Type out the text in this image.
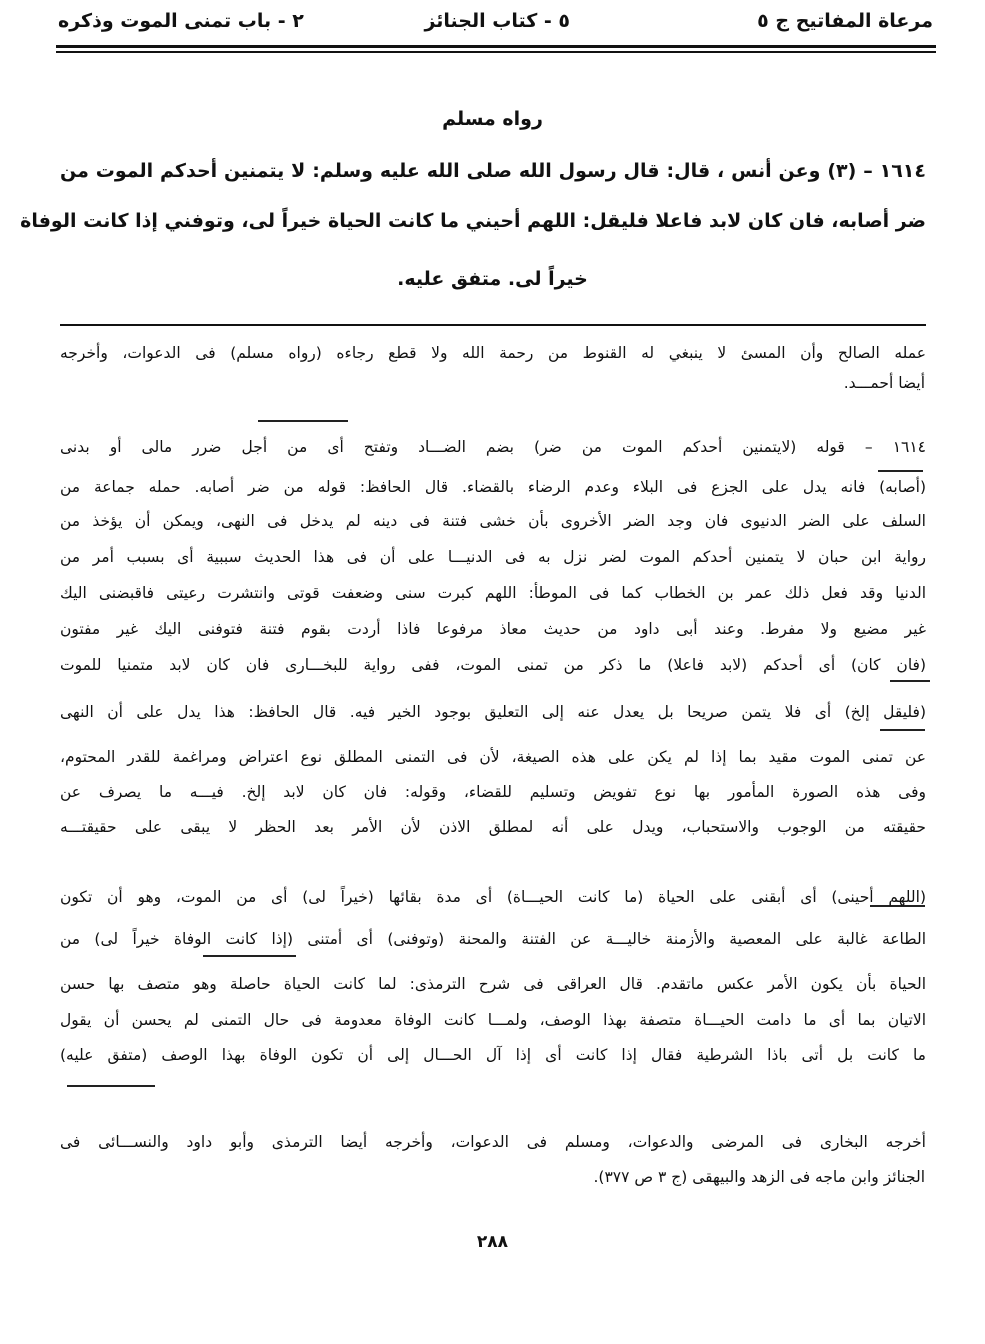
مرعاة المفاتيح ج ٥
٥ - كتاب الجنائز
٢ - باب تمنى الموت وذكره
رواه مسلم
١٦١٤ – (٣) وعن أنس ، قال: قال رسول الله صلى الله عليه وسلم: لا يتمنين أحدكم الموت من
ضر أصابه، فان كان لابد فاعلا فليقل: اللهم أحيني ما كانت الحياة خيراً لى، وتوفني إذا كانت الوفاة
خيراً لى. متفق عليه.
عمله الصالح وأن المسئ لا ينبغي له القنوط من رحمة الله ولا قطع رجاءه (رواه مسلم) فى الدعوات، وأخرجه
أيضا أحمـــد.
١٦١٤ – قوله (لايتمنين أحدكم الموت من ضر) بضم الضـــاد وتفتح أى من أجل ضرر مالى أو بدنى
(أصابه) فانه يدل على الجزع فى البلاء وعدم الرضاء بالقضاء. قال الحافظ: قوله من ضر أصابه. حمله جماعة من
السلف على الضر الدنيوى فان وجد الضر الأخروى بأن خشى فتنة فى دينه لم يدخل فى النهى، ويمكن أن يؤخذ من
رواية ابن حبان لا يتمنين أحدكم الموت لضر نزل به فى الدنيـــا على أن فى هذا الحديث سببية أى بسبب أمر من
الدنيا وقد فعل ذلك عمر بن الخطاب كما فى الموطأ: اللهم كبرت سنى وضعفت قوتى وانتشرت رعيتى فاقبضنى اليك
غير مضيع ولا مفرط. وعند أبى داود من حديث معاذ مرفوعا فاذا أردت بقوم فتنة فتوفنى اليك غير مفتون
(فان كان) أى أحدكم (لابد فاعلا) ما ذكر من تمنى الموت، ففى رواية للبخـــارى فان كان لابد متمنيا للموت
(فليقل إلخ) أى فلا يتمن صريحا بل يعدل عنه إلى التعليق بوجود الخير فيه. قال الحافظ: هذا يدل على أن النهى
عن تمنى الموت مقيد بما إذا لم يكن على هذه الصيغة، لأن فى التمنى المطلق نوع اعتراض ومراغمة للقدر المحتوم،
وفى هذه الصورة المأمور بها نوع تفويض وتسليم للقضاء، وقوله: فان كان لابد إلخ. فيـــه ما يصرف عن
حقيقته من الوجوب والاستحباب، ويدل على أنه لمطلق الاذن لأن الأمر بعد الحظر لا يبقى على حقيقتـــه
(اللهم أحينى) أى أبقنى على الحياة (ما كانت الحيـــاة) أى مدة بقائها (خيراً لى) أى من الموت، وهو أن تكون
الطاعة غالبة على المعصية والأزمنة خاليـــة عن الفتنة والمحنة (وتوفنى) أى أمتنى (إذا كانت الوفاة خيراً لى) من
الحياة بأن يكون الأمر عكس ماتقدم. قال العراقى فى شرح الترمذى: لما كانت الحياة حاصلة وهو متصف بها حسن
الاتيان بما أى ما دامت الحيـــاة متصفة بهذا الوصف، ولمـــا كانت الوفاة معدومة فى حال التمنى لم يحسن أن يقول
ما كانت بل أتى باذا الشرطية فقال إذا كانت أى إذا آل الحـــال إلى أن تكون الوفاة بهذا الوصف (متفق عليه)
أخرجه البخارى فى المرضى والدعوات، ومسلم فى الدعوات، وأخرجه أيضا الترمذى وأبو داود والنســـائى فى
الجنائز وابن ماجه فى الزهد والبيهقى (ج ٣ ص ٣٧٧).
٢٨٨
